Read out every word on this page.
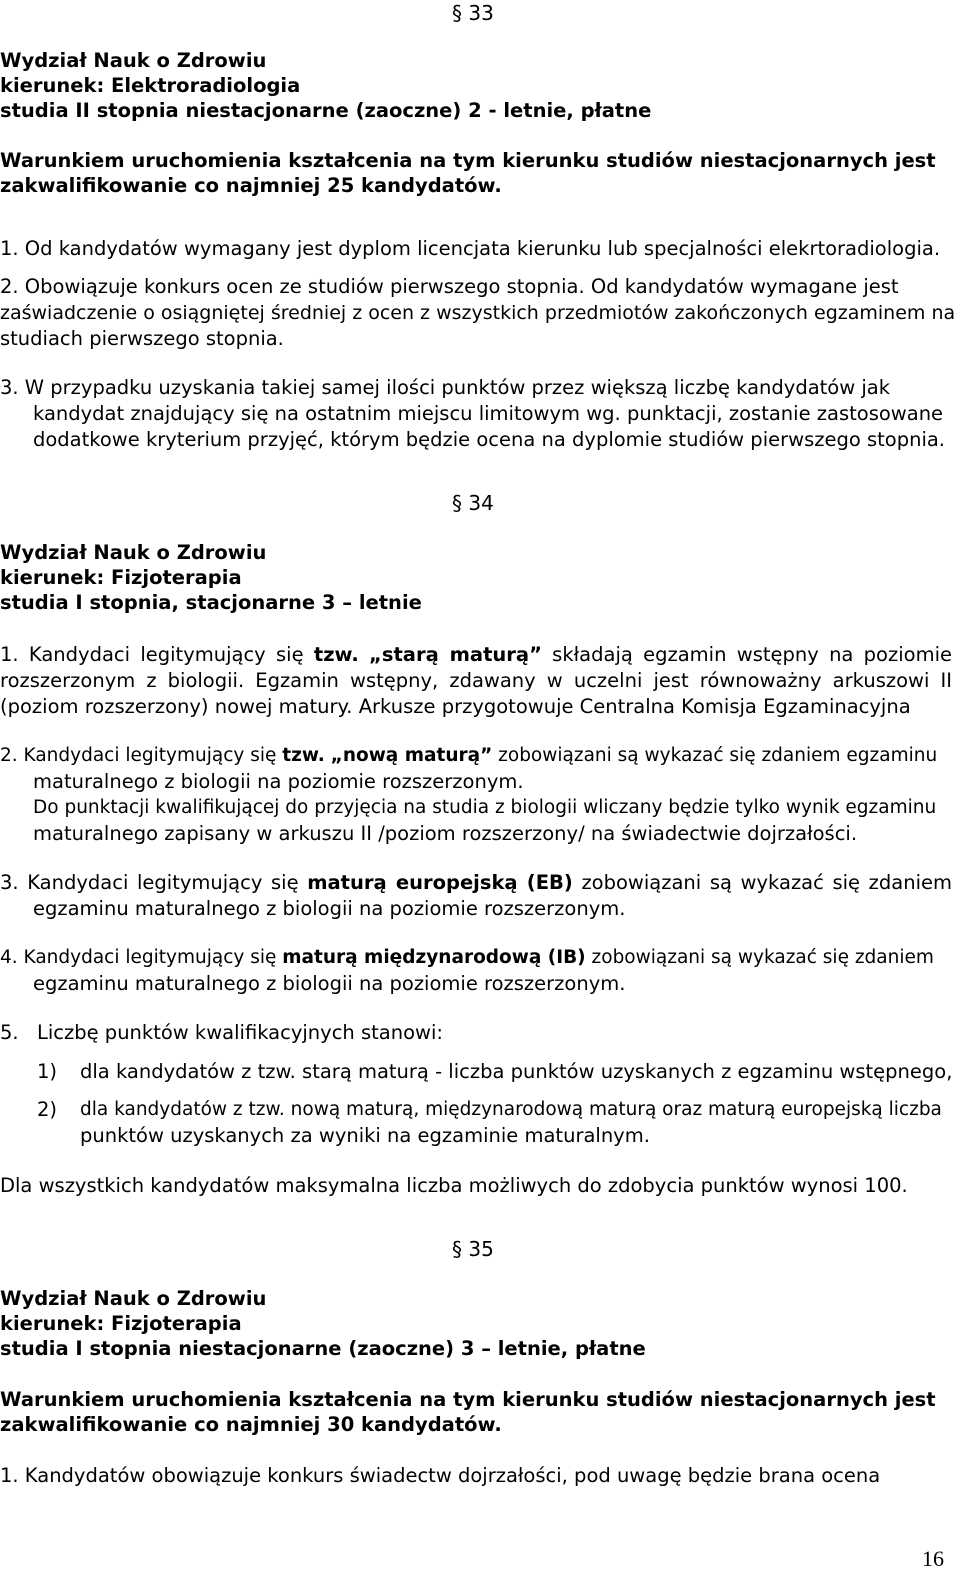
§ 33
Wydział Nauk o Zdrowiu
kierunek: Elektroradiologia
studia II stopnia niestacjonarne (zaoczne) 2 - letnie, płatne
Warunkiem uruchomienia kształcenia na tym kierunku studiów niestacjonarnych jest
zakwalifikowanie co najmniej 25 kandydatów.
1. Od kandydatów wymagany jest dyplom licencjata kierunku lub specjalności elekrtoradiologia.
2. Obowiązuje konkurs ocen ze studiów pierwszego stopnia. Od kandydatów wymagane jest
zaświadczenie o osiągniętej średniej z ocen z wszystkich przedmiotów zakończonych egzaminem na
studiach pierwszego stopnia.
3. W przypadku uzyskania takiej samej ilości punktów przez większą liczbę kandydatów jak
kandydat znajdujący się na ostatnim miejscu limitowym wg. punktacji, zostanie zastosowane
dodatkowe kryterium przyjęć, którym będzie ocena na dyplomie studiów pierwszego stopnia.
§ 34
Wydział Nauk o Zdrowiu
kierunek: Fizjoterapia
studia I stopnia, stacjonarne 3 – letnie
1. Kandydaci legitymujący się tzw. „starą maturą” składają egzamin wstępny na poziomie
rozszerzonym z biologii. Egzamin wstępny, zdawany w uczelni jest równoważny arkuszowi II
(poziom rozszerzony) nowej matury. Arkusze przygotowuje Centralna Komisja Egzaminacyjna
2. Kandydaci legitymujący się tzw. „nową maturą” zobowiązani są wykazać się zdaniem egzaminu
maturalnego z biologii na poziomie rozszerzonym.
Do punktacji kwalifikującej do przyjęcia na studia z biologii wliczany będzie tylko wynik egzaminu
maturalnego zapisany w arkuszu II /poziom rozszerzony/ na świadectwie dojrzałości.
3. Kandydaci legitymujący się maturą europejską (EB) zobowiązani są wykazać się zdaniem
egzaminu maturalnego z biologii na poziomie rozszerzonym.
4. Kandydaci legitymujący się maturą międzynarodową (IB) zobowiązani są wykazać się zdaniem
egzaminu maturalnego z biologii na poziomie rozszerzonym.
5. Liczbę punktów kwalifikacyjnych stanowi:
1) dla kandydatów z tzw. starą maturą - liczba punktów uzyskanych z egzaminu wstępnego,
2) dla kandydatów z tzw. nową maturą, międzynarodową maturą oraz maturą europejską liczba
punktów uzyskanych za wyniki na egzaminie maturalnym.
Dla wszystkich kandydatów maksymalna liczba możliwych do zdobycia punktów wynosi 100.
§ 35
Wydział Nauk o Zdrowiu
kierunek: Fizjoterapia
studia I stopnia niestacjonarne (zaoczne) 3 – letnie, płatne
Warunkiem uruchomienia kształcenia na tym kierunku studiów niestacjonarnych jest
zakwalifikowanie co najmniej 30 kandydatów.
1. Kandydatów obowiązuje konkurs świadectw dojrzałości, pod uwagę będzie brana ocena
16
